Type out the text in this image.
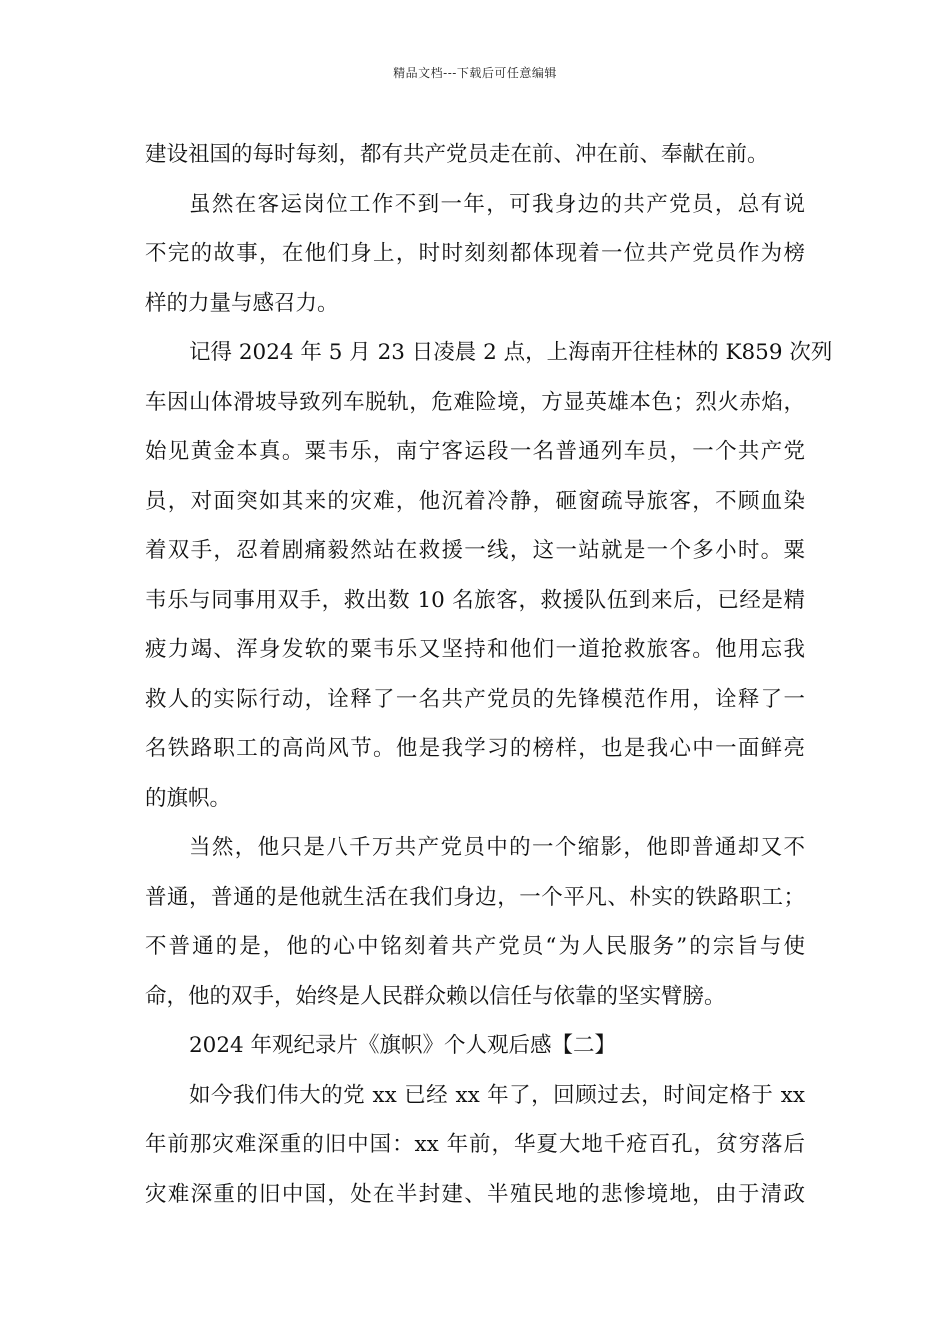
精品文档---下载后可任意编辑
建设祖国的每时每刻，都有共产党员走在前、冲在前、奉献在前。
虽然在客运岗位工作不到一年，可我身边的共产党员，总有说
不完的故事，在他们身上，时时刻刻都体现着一位共产党员作为榜
样的力量与感召力。
记得 2024 年 5 月 23 日凌晨 2 点，上海南开往桂林的 K859 次列
车因山体滑坡导致列车脱轨，危难险境，方显英雄本色；烈火赤焰，
始见黄金本真。粟韦乐，南宁客运段一名普通列车员，一个共产党
员，对面突如其来的灾难，他沉着冷静，砸窗疏导旅客，不顾血染
着双手，忍着剧痛毅然站在救援一线，这一站就是一个多小时。粟
韦乐与同事用双手，救出数 10 名旅客，救援队伍到来后，已经是精
疲力竭、浑身发软的粟韦乐又坚持和他们一道抢救旅客。他用忘我
救人的实际行动，诠释了一名共产党员的先锋模范作用，诠释了一
名铁路职工的高尚风节。他是我学习的榜样，也是我心中一面鲜亮
的旗帜。
当然，他只是八千万共产党员中的一个缩影，他即普通却又不
普通，普通的是他就生活在我们身边，一个平凡、朴实的铁路职工；
不普通的是，他的心中铭刻着共产党员“为人民服务”的宗旨与使
命，他的双手，始终是人民群众赖以信任与依靠的坚实臂膀。
2024 年观纪录片《旗帜》个人观后感【二】
如今我们伟大的党 xx 已经 xx 年了，回顾过去，时间定格于 xx
年前那灾难深重的旧中国：xx 年前，华夏大地千疮百孔，贫穷落后
灾难深重的旧中国，处在半封建、半殖民地的悲惨境地，由于清政
